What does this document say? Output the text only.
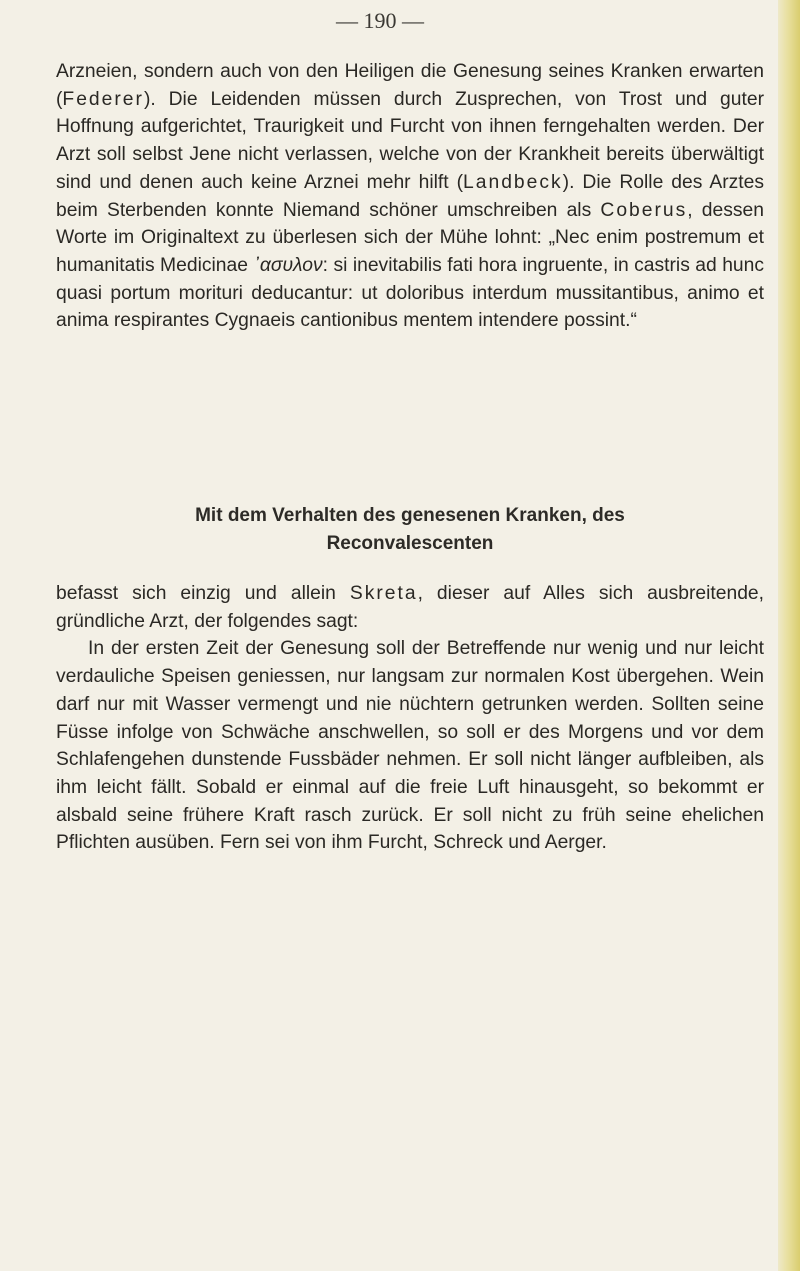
— 190 —

Arzneien, sondern auch von den Heiligen die Genesung seines Kranken erwarten (Federer). Die Leidenden müssen durch Zusprechen, von Trost und guter Hoffnung aufgerichtet, Traurigkeit und Furcht von ihnen ferngehalten werden. Der Arzt soll selbst Jene nicht verlassen, welche von der Krankheit bereits überwältigt sind und denen auch keine Arznei mehr hilft (Landbeck). Die Rolle des Arztes beim Sterbenden konnte Niemand schöner umschreiben als Coberus, dessen Worte im Originaltext zu überlesen sich der Mühe lohnt: „Nec enim postremum et humanitatis Medicinae ᾽ασυλον: si inevitabilis fati hora ingruente, in castris ad hunc quasi portum morituri deducantur: ut doloribus interdum mussitantibus, animo et anima respirantes Cygnaeis cantionibus mentem intendere possint.“

Mit dem Verhalten des genesenen Kranken, des
Reconvalescenten

befasst sich einzig und allein Skreta, dieser auf Alles sich ausbreitende, gründliche Arzt, der folgendes sagt:

In der ersten Zeit der Genesung soll der Betreffende nur wenig und nur leicht verdauliche Speisen geniessen, nur langsam zur normalen Kost übergehen. Wein darf nur mit Wasser vermengt und nie nüchtern getrunken werden. Sollten seine Füsse infolge von Schwäche anschwellen, so soll er des Morgens und vor dem Schlafengehen dunstende Fussbäder nehmen. Er soll nicht länger aufbleiben, als ihm leicht fällt. Sobald er einmal auf die freie Luft hinausgeht, so bekommt er alsbald seine frühere Kraft rasch zurück. Er soll nicht zu früh seine ehelichen Pflichten ausüben. Fern sei von ihm Furcht, Schreck und Aerger.
